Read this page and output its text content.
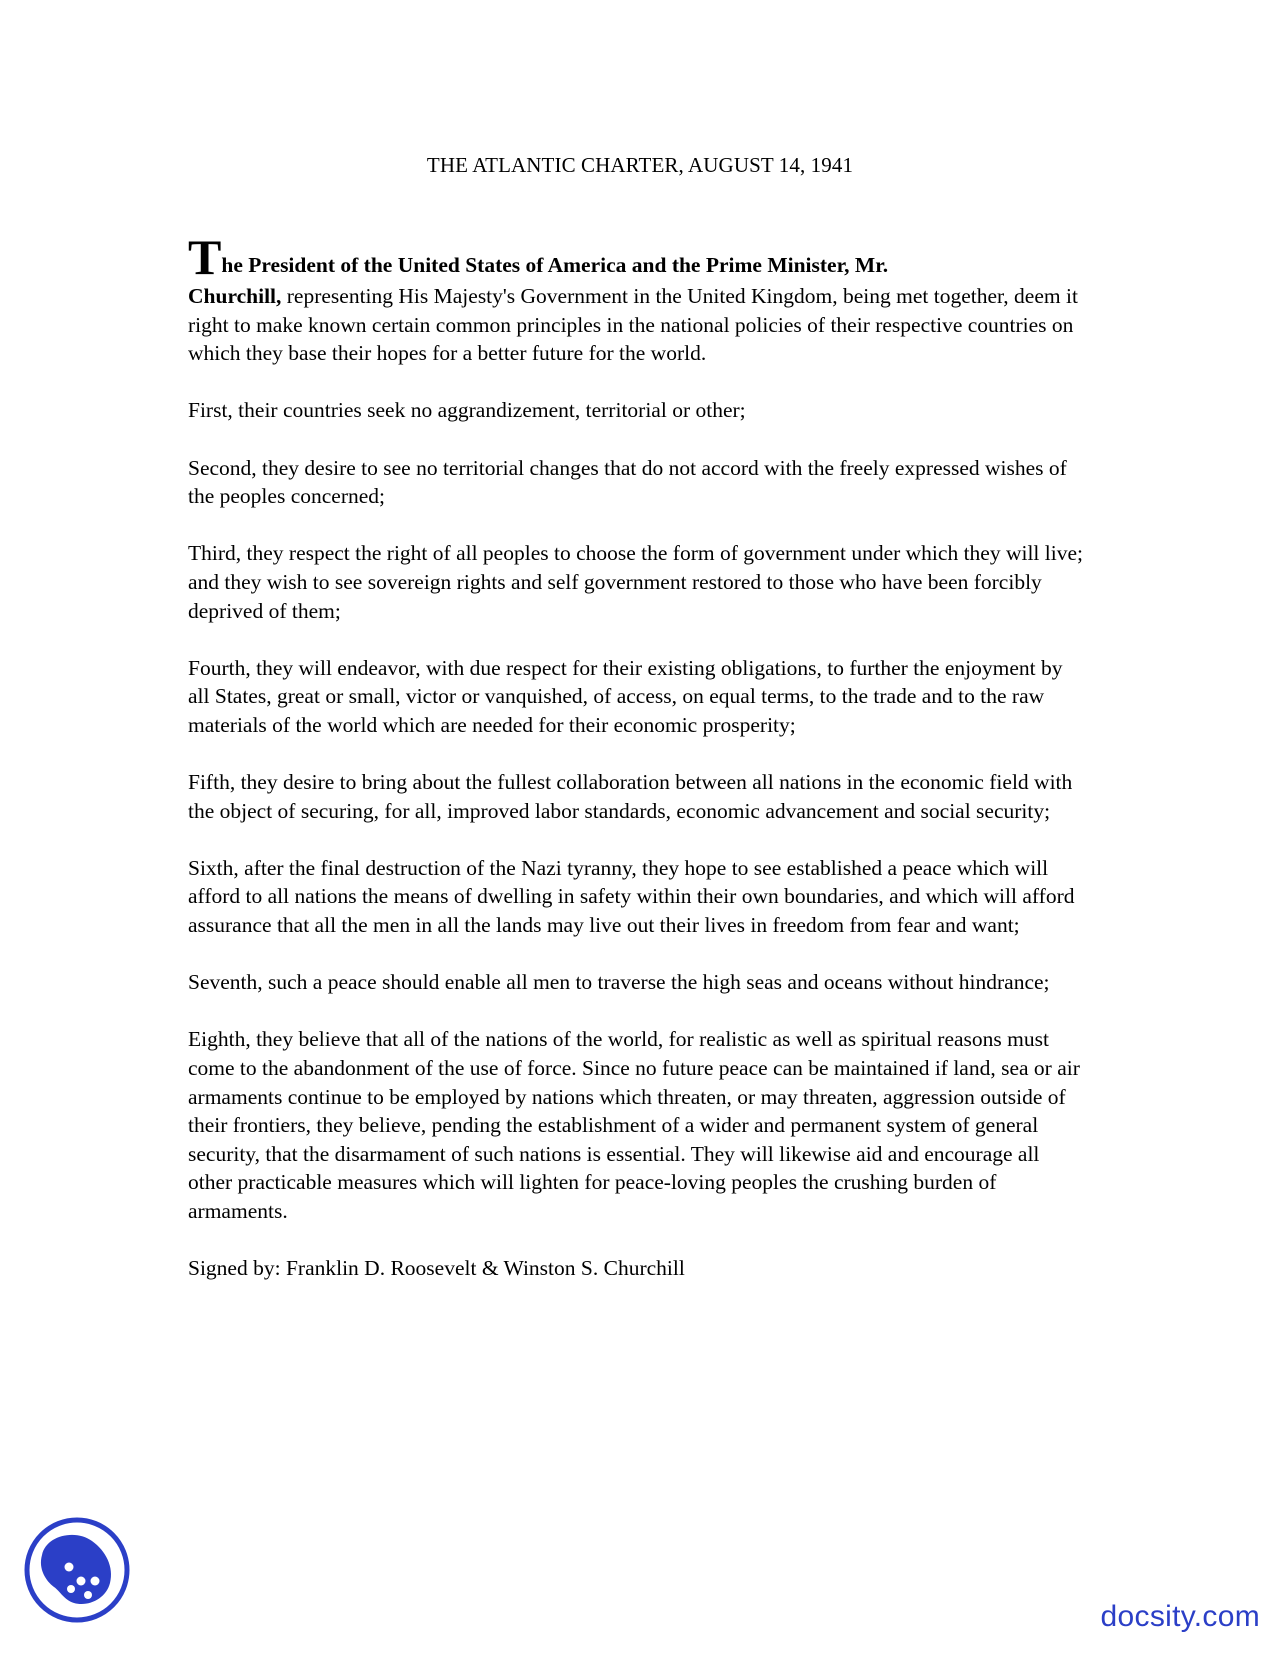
THE ATLANTIC CHARTER, AUGUST 14, 1941

The President of the United States of America and the Prime Minister, Mr.
Churchill, representing His Majesty's Government in the United Kingdom, being met together, deem it right to make known certain common principles in the national policies of their respective countries on which they base their hopes for a better future for the world.

First, their countries seek no aggrandizement, territorial or other;

Second, they desire to see no territorial changes that do not accord with the freely expressed wishes of the peoples concerned;

Third, they respect the right of all peoples to choose the form of government under which they will live; and they wish to see sovereign rights and self government restored to those who have been forcibly deprived of them;

Fourth, they will endeavor, with due respect for their existing obligations, to further the enjoyment by all States, great or small, victor or vanquished, of access, on equal terms, to the trade and to the raw materials of the world which are needed for their economic prosperity;

Fifth, they desire to bring about the fullest collaboration between all nations in the economic field with the object of securing, for all, improved labor standards, economic advancement and social security;

Sixth, after the final destruction of the Nazi tyranny, they hope to see established a peace which will afford to all nations the means of dwelling in safety within their own boundaries, and which will afford assurance that all the men in all the lands may live out their lives in freedom from fear and want;

Seventh, such a peace should enable all men to traverse the high seas and oceans without hindrance;

Eighth, they believe that all of the nations of the world, for realistic as well as spiritual reasons must come to the abandonment of the use of force. Since no future peace can be maintained if land, sea or air armaments continue to be employed by nations which threaten, or may threaten, aggression outside of their frontiers, they believe, pending the establishment of a wider and permanent system of general security, that the disarmament of such nations is essential. They will likewise aid and encourage all other practicable measures which will lighten for peace-loving peoples the crushing burden of armaments.

Signed by: Franklin D. Roosevelt & Winston S. Churchill

docsity.com
